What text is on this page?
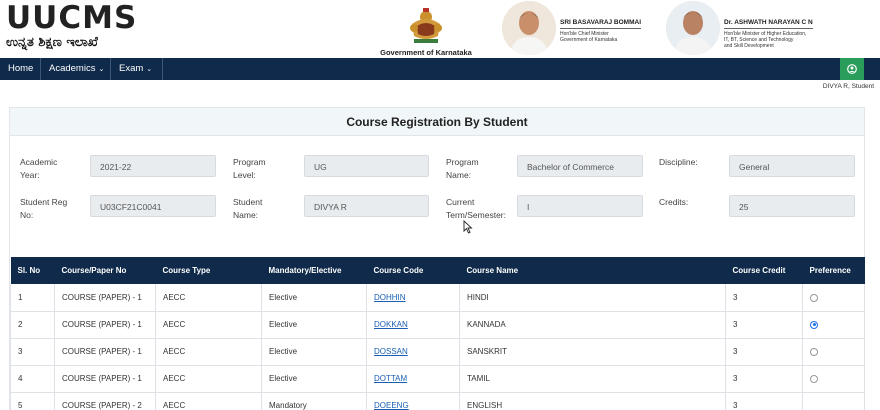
UUCMS
ಉನ್ನತ ಶಿಕ್ಷಣ ಇಲಾಖೆ
Government of Karnataka
SRI BASAVARAJ BOMMAI
Hon'ble Chief Minister
Government of Karnataka
Dr. ASHWATH NARAYAN C N
Hon'ble Minister of Higher Education,
IT, BT, Science and Technology
and Skill Development
Home	Academics ⌄	Exam ⌄
DIVYA R, Student
Course Registration By Student
Academic Year:
2021-22	Program Level:
UG	Program Name:
Bachelor of Commerce	Discipline:	General
Student Reg No:
U03CF21C0041	Student Name:
DIVYA R	Current Term/Semester:
I	Credits:	25
Sl. No	Course/Paper No	Course Type	Mandatory/Elective	Course Code	Course Name	Course Credit	Preference
1	COURSE (PAPER) - 1	AECC	Elective	DOHHIN	HINDI	3	
2	COURSE (PAPER) - 1	AECC	Elective	DOKKAN	KANNADA	3	
3	COURSE (PAPER) - 1	AECC	Elective	DOSSAN	SANSKRIT	3	
4	COURSE (PAPER) - 1	AECC	Elective	DOTTAM	TAMIL	3	
5	COURSE (PAPER) - 2	AECC	Mandatory	DOEENG	ENGLISH	3	
